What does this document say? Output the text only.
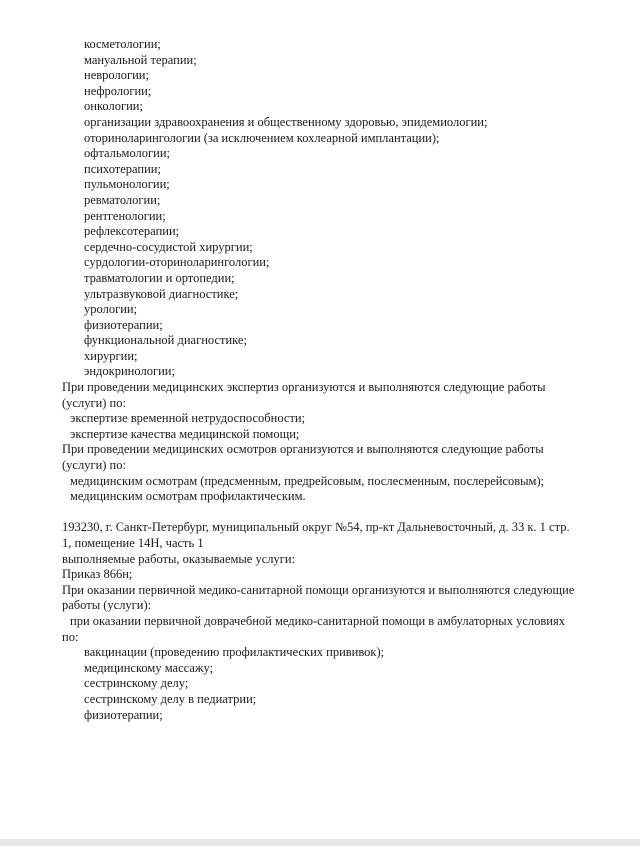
косметологии;
мануальной терапии;
неврологии;
нефрологии;
онкологии;
организации здравоохранения и общественному здоровью, эпидемиологии;
оториноларингологии (за исключением кохлеарной имплантации);
офтальмологии;
психотерапии;
пульмонологии;
ревматологии;
рентгенологии;
рефлексотерапии;
сердечно-сосудистой хирургии;
сурдологии-оториноларингологии;
травматологии и ортопедии;
ультразвуковой диагностике;
урологии;
физиотерапии;
функциональной диагностике;
хирургии;
эндокринологии;
При проведении медицинских экспертиз организуются и выполняются следующие работы
(услуги) по:
экспертизе временной нетрудоспособности;
экспертизе качества медицинской помощи;
При проведении медицинских осмотров организуются и выполняются следующие работы
(услуги) по:
медицинским осмотрам (предсменным, предрейсовым, послесменным, послерейсовым);
медицинским осмотрам профилактическим.
193230, г. Санкт-Петербург, муниципальный округ №54, пр-кт Дальневосточный, д. 33 к. 1 стр.
1, помещение 14Н, часть 1
выполняемые работы, оказываемые услуги:
Приказ 866н;
При оказании первичной медико-санитарной помощи организуются и выполняются следующие
работы (услуги):
при оказании первичной доврачебной медико-санитарной помощи в амбулаторных условиях
по:
вакцинации (проведению профилактических прививок);
медицинскому массажу;
сестринскому делу;
сестринскому делу в педиатрии;
физиотерапии;
